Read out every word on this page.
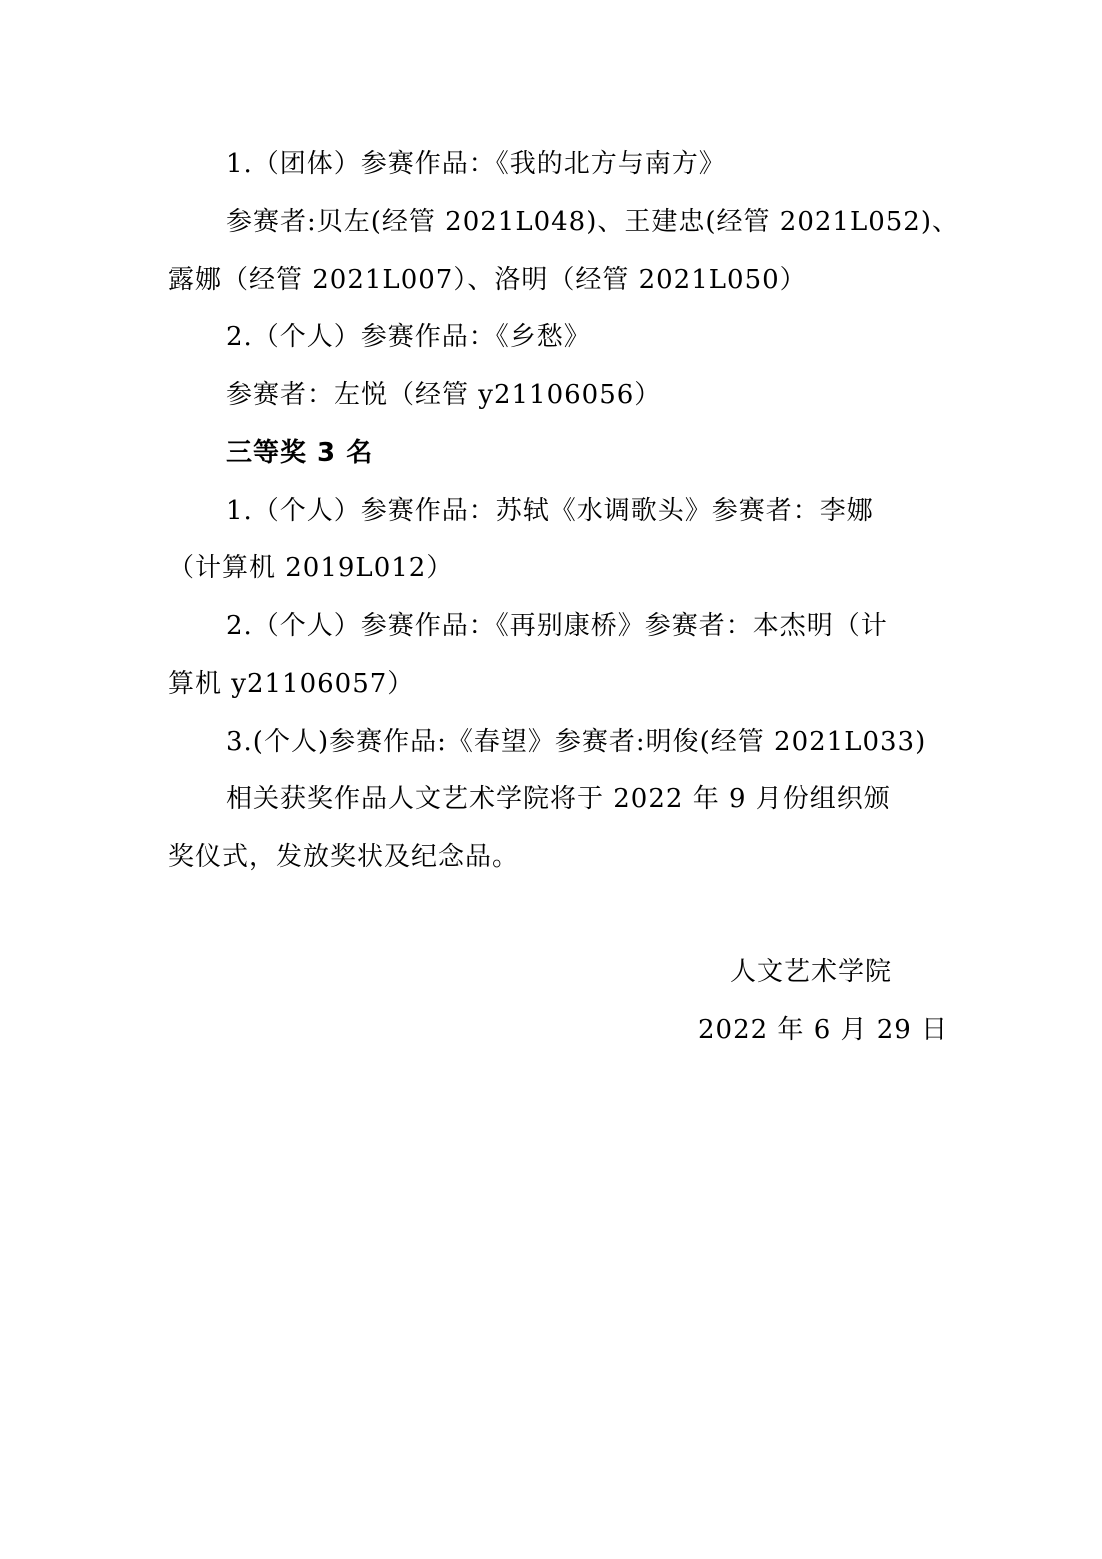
1.（团体）参赛作品：《我的北方与南方》
参赛者:贝左(经管 2021L048)、王建忠(经管 2021L052)、
露娜（经管 2021L007）、洛明（经管 2021L050）
2.（个人）参赛作品：《乡愁》
参赛者：左悦（经管 y21106056）
三等奖 3 名
1.（个人）参赛作品：苏轼《水调歌头》参赛者：李娜
（计算机 2019L012）
2.（个人）参赛作品：《再别康桥》参赛者：本杰明（计
算机 y21106057）
3.(个人)参赛作品:《春望》参赛者:明俊(经管 2021L033)
相关获奖作品人文艺术学院将于 2022 年 9 月份组织颁
奖仪式，发放奖状及纪念品。
人文艺术学院
2022 年 6 月 29 日
